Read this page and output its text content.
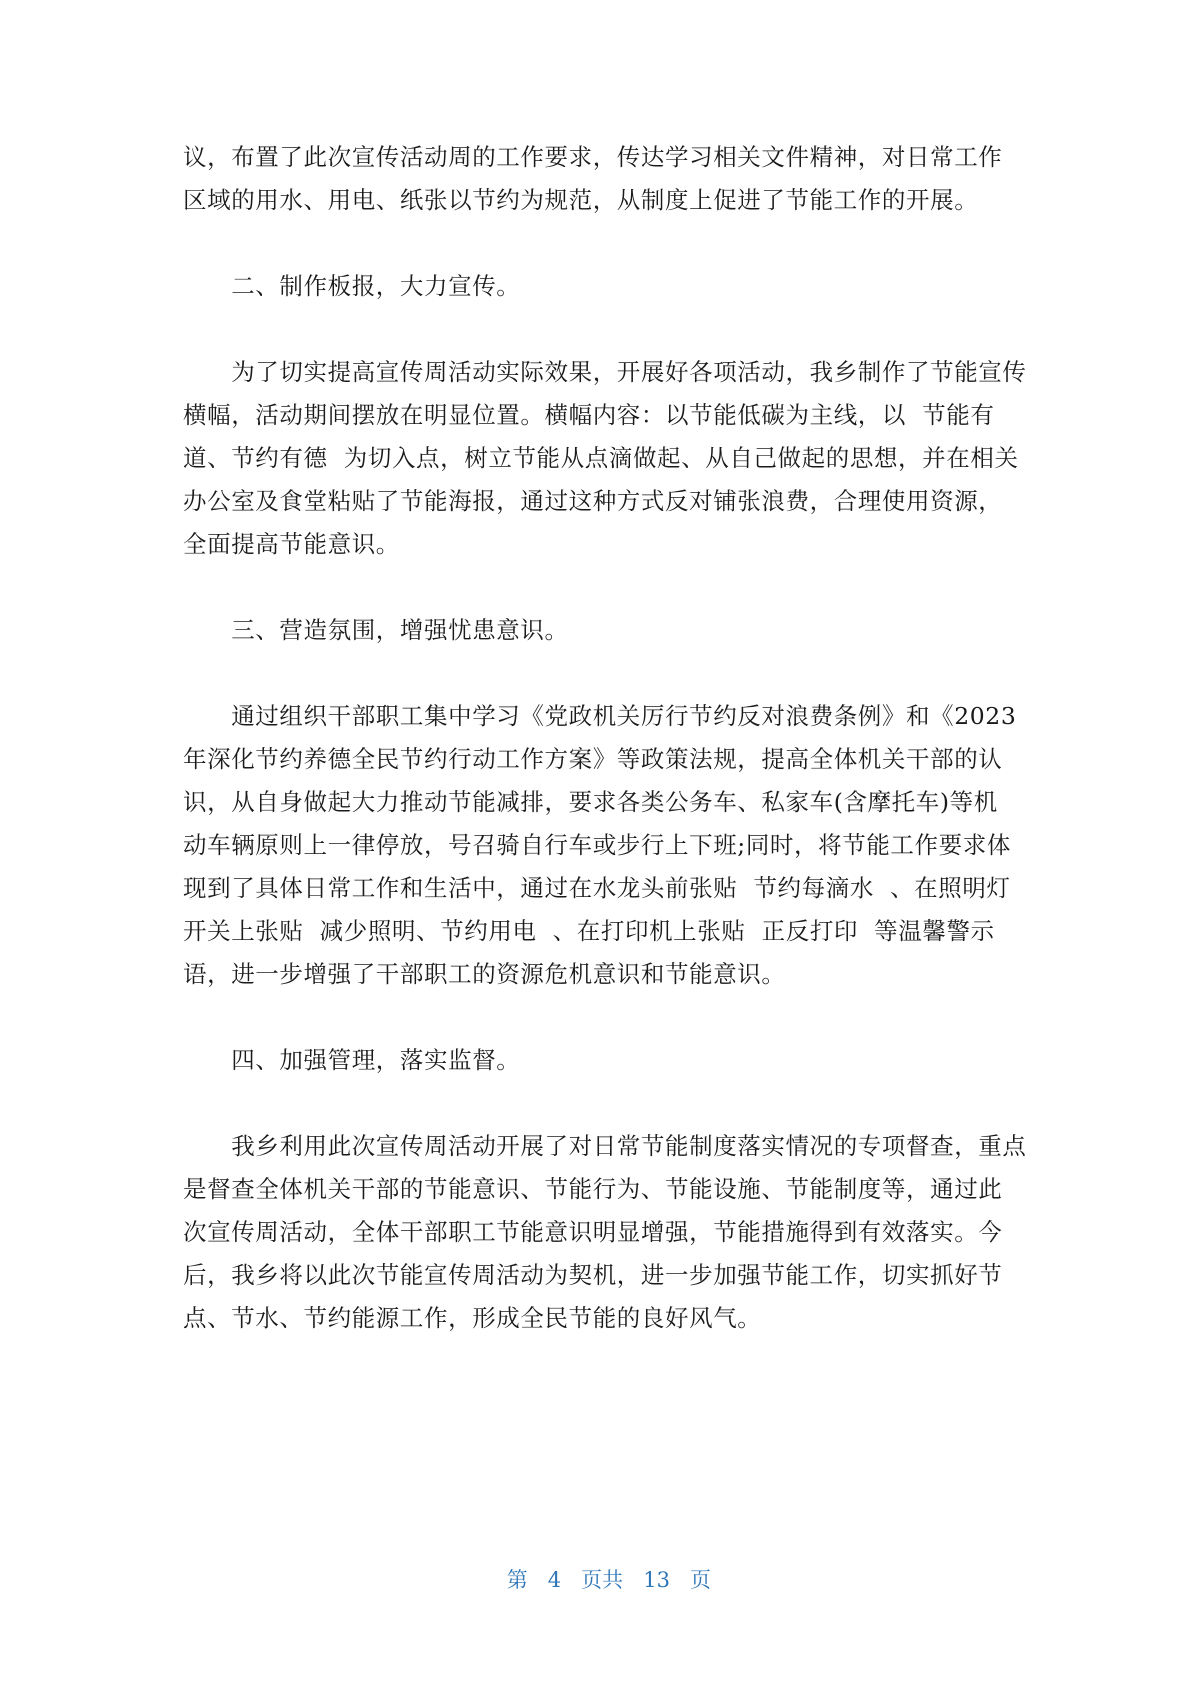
议，布置了此次宣传活动周的工作要求，传达学习相关文件精神，对日常工作
区域的用水、用电、纸张以节约为规范，从制度上促进了节能工作的开展。
　　二、制作板报，大力宣传。
　　为了切实提高宣传周活动实际效果，开展好各项活动，我乡制作了节能宣传
横幅，活动期间摆放在明显位置。横幅内容：以节能低碳为主线，以  节能有
道、节约有德  为切入点，树立节能从点滴做起、从自己做起的思想，并在相关
办公室及食堂粘贴了节能海报，通过这种方式反对铺张浪费，合理使用资源，
全面提高节能意识。
　　三、营造氛围，增强忧患意识。
　　通过组织干部职工集中学习《党政机关厉行节约反对浪费条例》和《2023
年深化节约养德全民节约行动工作方案》等政策法规，提高全体机关干部的认
识，从自身做起大力推动节能减排，要求各类公务车、私家车(含摩托车)等机
动车辆原则上一律停放，号召骑自行车或步行上下班;同时，将节能工作要求体
现到了具体日常工作和生活中，通过在水龙头前张贴  节约每滴水  、在照明灯
开关上张贴  减少照明、节约用电  、在打印机上张贴  正反打印  等温馨警示
语，进一步增强了干部职工的资源危机意识和节能意识。
　　四、加强管理，落实监督。
　　我乡利用此次宣传周活动开展了对日常节能制度落实情况的专项督查，重点
是督查全体机关干部的节能意识、节能行为、节能设施、节能制度等，通过此
次宣传周活动，全体干部职工节能意识明显增强，节能措施得到有效落实。今
后，我乡将以此次节能宣传周活动为契机，进一步加强节能工作，切实抓好节
点、节水、节约能源工作，形成全民节能的良好风气。

第 4 页共 13 页
